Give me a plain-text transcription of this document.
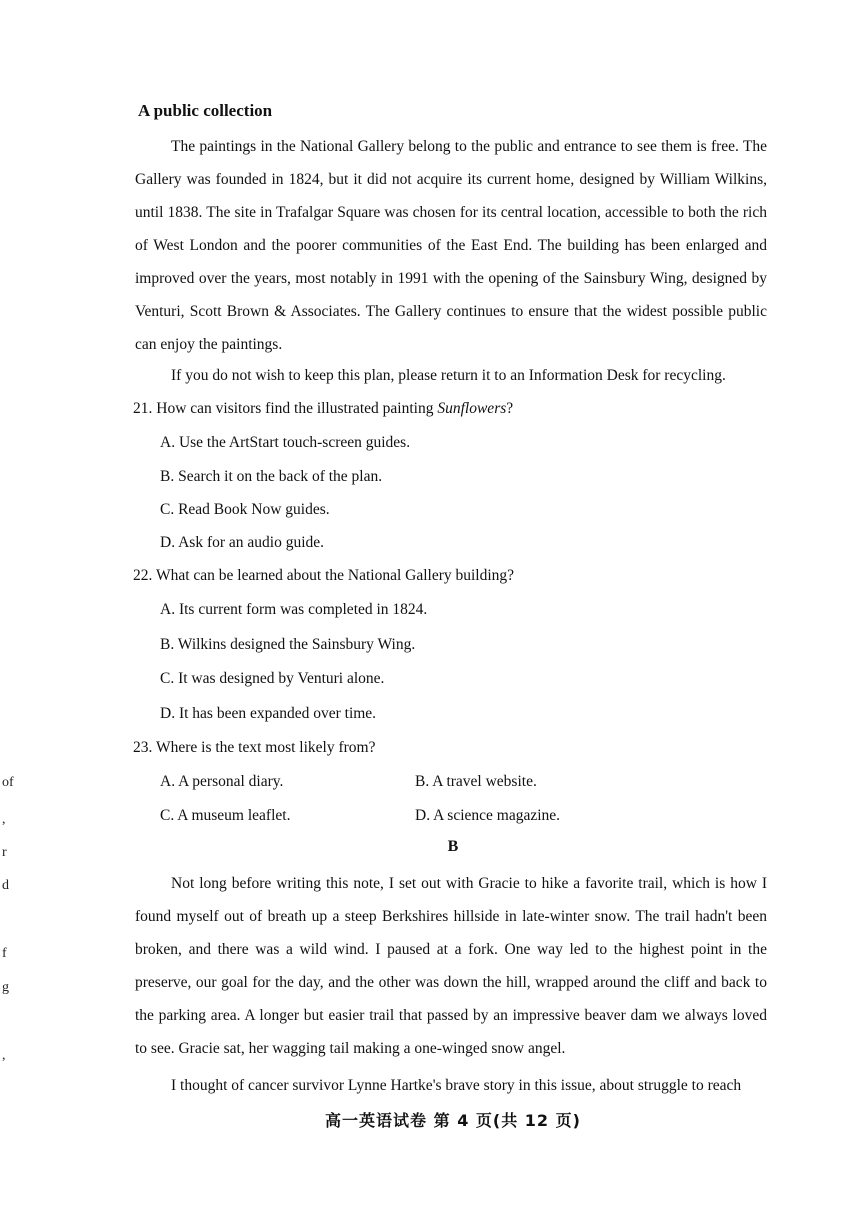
A public collection
The paintings in the National Gallery belong to the public and entrance to see them is free. The Gallery was founded in 1824, but it did not acquire its current home, designed by William Wilkins, until 1838. The site in Trafalgar Square was chosen for its central location, accessible to both the rich of West London and the poorer communities of the East End. The building has been enlarged and improved over the years, most notably in 1991 with the opening of the Sainsbury Wing, designed by Venturi, Scott Brown & Associates. The Gallery continues to ensure that the widest possible public can enjoy the paintings.
If you do not wish to keep this plan, please return it to an Information Desk for recycling.
21. How can visitors find the illustrated painting Sunflowers?
A. Use the ArtStart touch-screen guides.
B. Search it on the back of the plan.
C. Read Book Now guides.
D. Ask for an audio guide.
22. What can be learned about the National Gallery building?
A. Its current form was completed in 1824.
B. Wilkins designed the Sainsbury Wing.
C. It was designed by Venturi alone.
D. It has been expanded over time.
23. Where is the text most likely from?
A. A personal diary.	B. A travel website.
C. A museum leaflet.	D. A science magazine.
B
Not long before writing this note, I set out with Gracie to hike a favorite trail, which is how I found myself out of breath up a steep Berkshires hillside in late-winter snow. The trail hadn't been broken, and there was a wild wind. I paused at a fork. One way led to the highest point in the preserve, our goal for the day, and the other was down the hill, wrapped around the cliff and back to the parking area. A longer but easier trail that passed by an impressive beaver dam we always loved to see. Gracie sat, her wagging tail making a one-winged snow angel.
I thought of cancer survivor Lynne Hartke's brave story in this issue, about struggle to reach
of
,
r
d
f
g
,
高一英语试卷 第 4 页(共 12 页)
